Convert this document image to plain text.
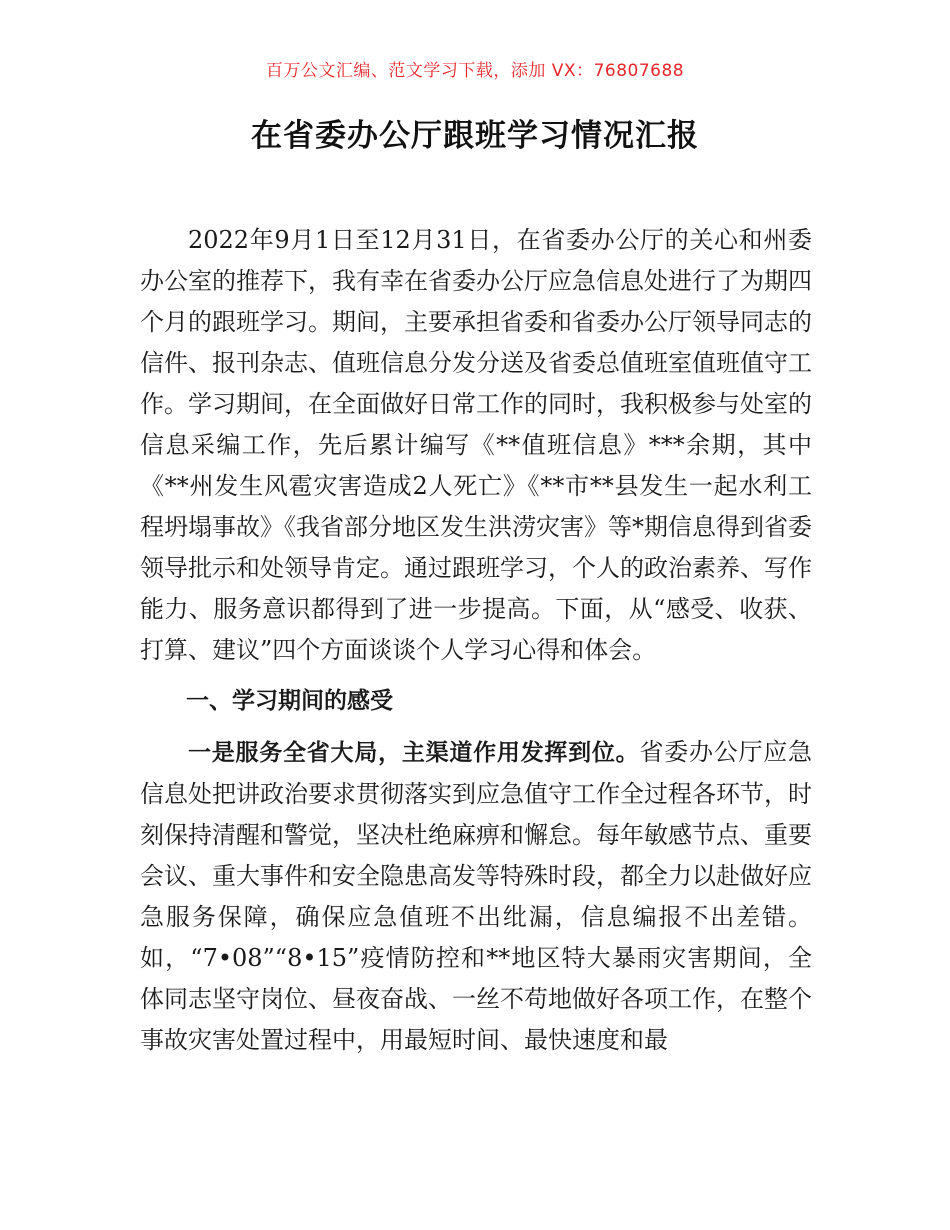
百万公文汇编、范文学习下载，添加 VX：76807688
在省委办公厅跟班学习情况汇报

2022年9月1日至12月31日，在省委办公厅的关心和州委办公室的推荐下，我有幸在省委办公厅应急信息处进行了为期四个月的跟班学习。期间，主要承担省委和省委办公厅领导同志的信件、报刊杂志、值班信息分发分送及省委总值班室值班值守工作。学习期间，在全面做好日常工作的同时，我积极参与处室的信息采编工作，先后累计编写《**值班信息》***余期，其中《**州发生风雹灾害造成2人死亡》《**市**县发生一起水利工程坍塌事故》《我省部分地区发生洪涝灾害》等*期信息得到省委领导批示和处领导肯定。通过跟班学习，个人的政治素养、写作能力、服务意识都得到了进一步提高。下面，从“感受、收获、打算、建议”四个方面谈谈个人学习心得和体会。

一、学习期间的感受

一是服务全省大局，主渠道作用发挥到位。省委办公厅应急信息处把讲政治要求贯彻落实到应急值守工作全过程各环节，时刻保持清醒和警觉，坚决杜绝麻痹和懈怠。每年敏感节点、重要会议、重大事件和安全隐患高发等特殊时段，都全力以赴做好应急服务保障，确保应急值班不出纰漏，信息编报不出差错。如，“7•08”“8•15”疫情防控和**地区特大暴雨灾害期间，全体同志坚守岗位、昼夜奋战、一丝不苟地做好各项工作，在整个事故灾害处置过程中，用最短时间、最快速度和最
